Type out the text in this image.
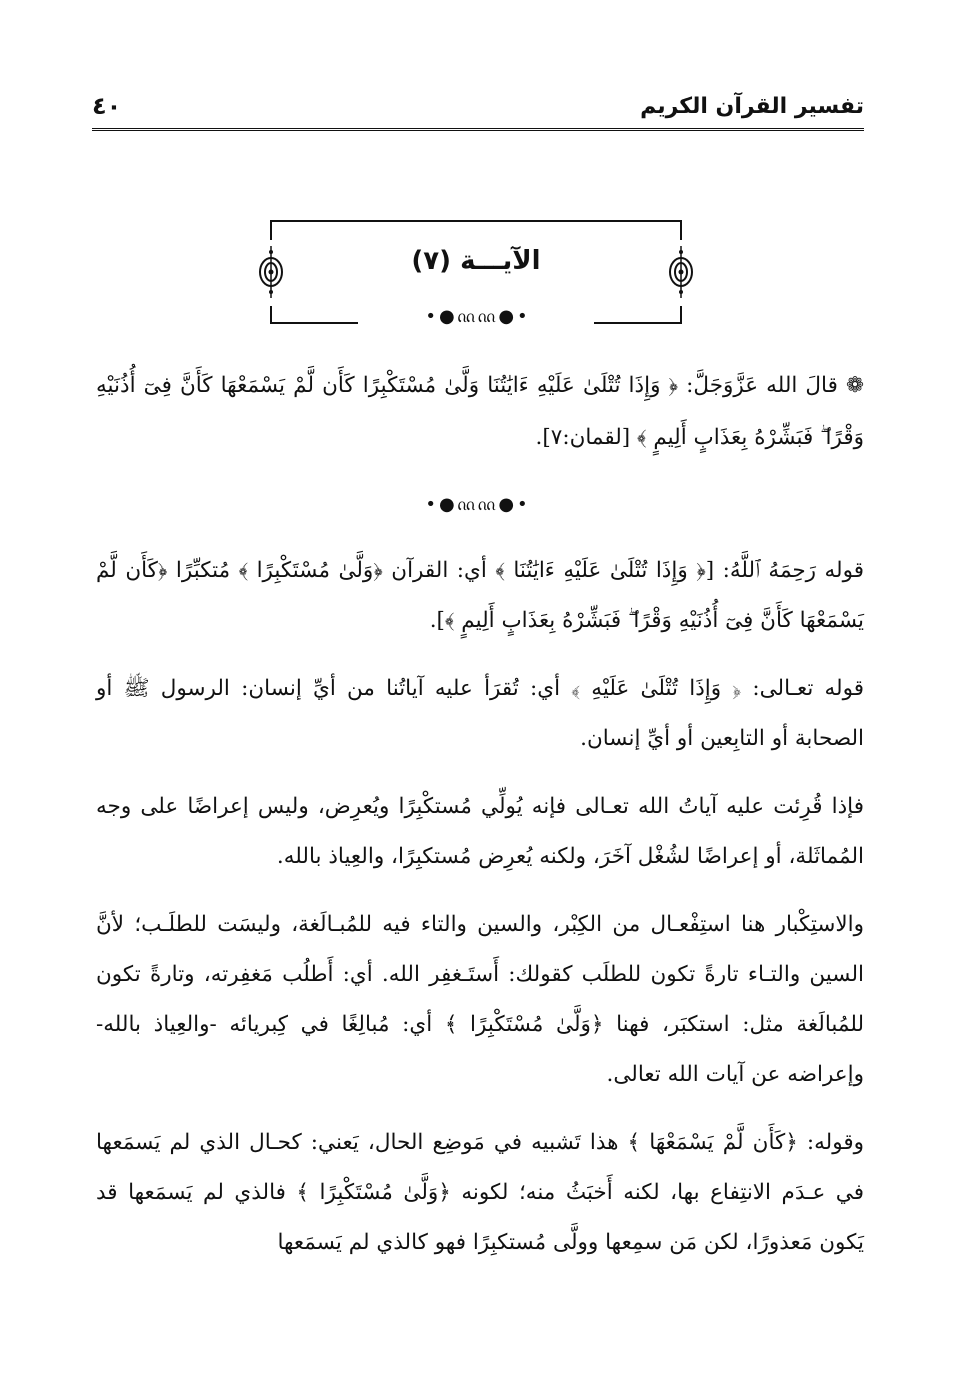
تفسير القرآن الكريم
٤٠
الآيـــة (٧)
•●ᦶᦶ●•
❁ قالَ الله عَزَّوَجَلَّ: ﴿ وَإِذَا تُتْلَىٰ عَلَيْهِ ءَايَٰتُنَا وَلَّىٰ مُسْتَكْبِرًا كَأَن لَّمْ يَسْمَعْهَا كَأَنَّ فِىٓ أُذُنَيْهِ وَقْرًا ۖ فَبَشِّرْهُ بِعَذَابٍ أَلِيمٍ ﴾ [لقمان:٧].
•●ᦶᦶ●•
قوله رَحِمَهُ ٱللَّهُ: [﴿ وَإِذَا تُتْلَىٰ عَلَيْهِ ءَايَٰتُنَا ﴾ أي: القرآن ﴿وَلَّىٰ مُسْتَكْبِرًا ﴾ مُتكبِّرًا ﴿كَأَن لَّمْ يَسْمَعْهَا كَأَنَّ فِىٓ أُذُنَيْهِ وَقْرًا ۖ فَبَشِّرْهُ بِعَذَابٍ أَلِيمٍ ﴾].
قوله تعـالى: ﴿ وَإِذَا تُتْلَىٰ عَلَيْهِ ﴾ أي: تُقرَأ عليه آياتُنا من أيِّ إنسان: الرسول ﷺ أو الصحابة أو التابِعين أو أيِّ إنسان.
فإذا قُرِئت عليه آياتُ الله تعـالى فإنه يُولِّي مُستكْبِرًا ويُعرِض، وليس إعراضًا على وجه المُماثَلة، أو إعراضًا لشُغْل آخَرَ، ولكنه يُعرِض مُستكبِرًا، والعِياذ بالله.
والاستِكْبار هنا استِفْعـال من الكِبْر، والسين والتاء فيه للمُبـالَغة، وليسَت للطلَـب؛ لأنَّ السين والتـاء تارةً تكون للطلَب كقولك: أَستَـغفِر الله. أي: أَطلُب مَغفِرته، وتارةً تكون للمُبالَغة مثل: استكبَر، فهنا ﴿وَلَّىٰ مُسْتَكْبِرًا ﴾ أي: مُبالِغًا في كِبريائه -والعِياذ بالله- وإعراضه عن آيات الله تعالى.
وقوله: ﴿كَأَن لَّمْ يَسْمَعْهَا ﴾ هذا تَشبيه في مَوضِع الحال، يَعني: كحـال الذي لم يَسمَعها في عـدَم الانتِفاع بها، لكنه أَخبَثُ منه؛ لكونه ﴿وَلَّىٰ مُسْتَكْبِرًا ﴾ فالذي لم يَسمَعها قد يَكون مَعذورًا، لكن مَن سمِعها وولَّى مُستكبِرًا فهو كالذي لم يَسمَعها
